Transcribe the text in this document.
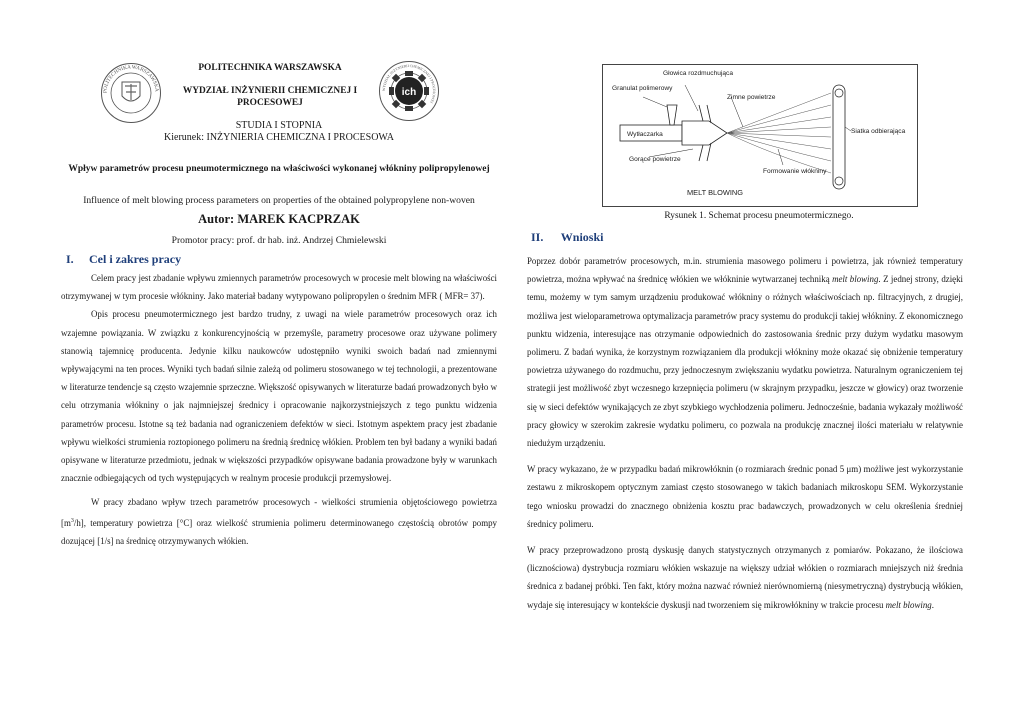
POLITECHNIKA WARSZAWSKA	WYDZIAŁ INŻYNIERII CHEMICZNEJ I PROCESOWEJ
ich
POLITECHNIKA WARSZAWSKA
WYDZIAŁ INŻYNIERII CHEMICZNEJ I PROCESOWEJ
STUDIA I STOPNIA
Kierunek: INŻYNIERIA CHEMICZNA I PROCESOWA
Wpływ parametrów procesu pneumotermicznego na właściwości wykonanej włókniny polipropylenowej
Influence of melt blowing process parameters on properties of the obtained polypropylene non-woven
Autor: MAREK KACPRZAK
Promotor pracy: prof. dr hab. inż. Andrzej Chmielewski
I. Cel i zakres pracy

Celem pracy jest zbadanie wpływu zmiennych parametrów procesowych w procesie melt blowing na właściwości otrzymywanej w tym procesie włókniny. Jako materiał badany wytypowano polipropylen o średnim MFR ( MFR= 37).

Opis procesu pneumotermicznego jest bardzo trudny, z uwagi na wiele parametrów procesowych oraz ich wzajemne powiązania. W związku z konkurencyjnością w przemyśle, parametry procesowe oraz używane polimery stanowią tajemnicę producenta. Jedynie kilku naukowców udostępniło wyniki swoich badań nad zmiennymi wpływającymi na ten proces. Wyniki tych badań silnie zależą od polimeru stosowanego w tej technologii, a prezentowane w literaturze tendencje są często wzajemnie sprzeczne. Większość opisywanych w literaturze badań prowadzonych było w celu otrzymania włókniny o jak najmniejszej średnicy i opracowanie najkorzystniejszych z tego punktu widzenia parametrów procesu. Istotne są też badania nad ograniczeniem defektów w sieci. Istotnym aspektem pracy jest zbadanie wpływu wielkości strumienia roztopionego polimeru na średnią średnicę włókien. Problem ten był badany a wyniki badań opisywane w literaturze przedmiotu, jednak w większości przypadków opisywane badania prowadzone były w warunkach znacznie odbiegających od tych występujących w realnym procesie produkcji przemysłowej.

W pracy zbadano wpływ trzech parametrów procesowych - wielkości strumienia objętościowego powietrza $[m^3/h]$, temperatury powietrza [°C] oraz wielkość strumienia polimeru determinowanego częstością obrotów pompy dozującej [1/s] na średnicę otrzymywanych włókien.

Wytłaczarka
Granulat polimerowy
Głowica rozdmuchująca
Zimne powietrze
Siatka odbierająca
Gorące powietrze
Formowanie włókniny
MELT BLOWING
Rysunek 1. Schemat procesu pneumotermicznego.
II. Wnioski

Poprzez dobór parametrów procesowych, m.in. strumienia masowego polimeru i powietrza, jak również temperatury powietrza, można wpływać na średnicę włókien we włókninie wytwarzanej techniką melt blowing. Z jednej strony, dzięki temu, możemy w tym samym urządzeniu produkować włókniny o różnych właściwościach np. filtracyjnych, z drugiej, możliwa jest wieloparametrowa optymalizacja parametrów pracy systemu do produkcji takiej włókniny. Z ekonomicznego punktu widzenia, interesujące nas otrzymanie odpowiednich do zastosowania średnic przy dużym wydatku masowym polimeru. Z badań wynika, że korzystnym rozwiązaniem dla produkcji włókniny może okazać się obniżenie temperatury powietrza używanego do rozdmuchu, przy jednoczesnym zwiększaniu wydatku powietrza. Naturalnym ograniczeniem tej strategii jest możliwość zbyt wczesnego krzepnięcia polimeru (w skrajnym przypadku, jeszcze w głowicy) oraz tworzenie się w sieci defektów wynikających ze zbyt szybkiego wychłodzenia polimeru. Jednocześnie, badania wykazały możliwość pracy głowicy w szerokim zakresie wydatku polimeru, co pozwala na produkcję znacznej ilości materiału w relatywnie niedużym urządzeniu.

W pracy wykazano, że w przypadku badań mikrowłóknin (o rozmiarach średnic ponad 5 μm) możliwe jest wykorzystanie zestawu z mikroskopem optycznym zamiast często stosowanego w takich badaniach mikroskopu SEM. Wykorzystanie tego wniosku prowadzi do znacznego obniżenia kosztu prac badawczych, prowadzonych w celu określenia średniej średnicy polimeru.

W pracy przeprowadzono prostą dyskusję danych statystycznych otrzymanych z pomiarów. Pokazano, że ilościowa (licznościowa) dystrybucja rozmiaru włókien wskazuje na większy udział włókien o rozmiarach mniejszych niż średnia średnica z badanej próbki. Ten fakt, który można nazwać również nierównomierną (niesymetryczną) dystrybucją włókien, wydaje się interesujący w kontekście dyskusji nad tworzeniem się mikrowłókniny w trakcie procesu melt blowing.
